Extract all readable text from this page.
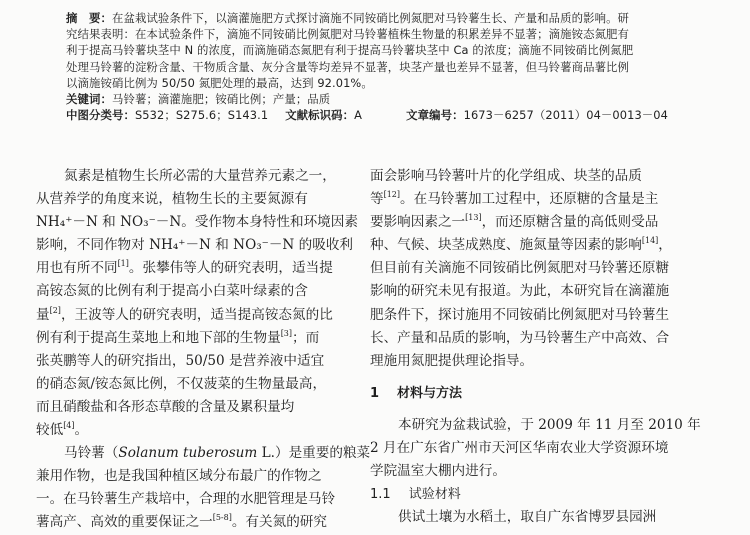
摘　要：在盆栽试验条件下，以滴灌施肥方式探讨滴施不同铵硝比例氮肥对马铃薯生长、产量和品质的影响。研
究结果表明：在本试验条件下，滴施不同铵硝比例氮肥对马铃薯植株生物量的积累差异不显著；滴施铵态氮肥有
利于提高马铃薯块茎中 N 的浓度，而滴施硝态氮肥有利于提高马铃薯块茎中 Ca 的浓度；滴施不同铵硝比例氮肥
处理马铃薯的淀粉含量、干物质含量、灰分含量等均差异不显著，块茎产量也差异不显著，但马铃薯商品薯比例
以滴施铵硝比例为 50/50 氮肥处理的最高，达到 92.01%。
关键词：马铃薯；滴灌施肥；铵硝比例；产量；品质
中图分类号：S532；S275.6；S143.1	文献标识码：A	文章编号：1673－6257（2011）04－0013－04
氮素是植物生长所必需的大量营养元素之一，
从营养学的角度来说，植物生长的主要氮源有
NH₄⁺－N 和 NO₃⁻－N。受作物本身特性和环境因素
影响，不同作物对 NH₄⁺－N 和 NO₃⁻－N 的吸收利
用也有所不同[1]。张攀伟等人的研究表明，适当提
高铵态氮的比例有利于提高小白菜叶绿素的含
量[2]，王波等人的研究表明，适当提高铵态氮的比
例有利于提高生菜地上和地下部的生物量[3]；而
张英鹏等人的研究指出，50/50 是营养液中适宜
的硝态氮/铵态氮比例，不仅菠菜的生物量最高，
而且硝酸盐和各形态草酸的含量及累积量均
较低[4]。
马铃薯（Solanum tuberosum L.）是重要的粮菜
兼用作物，也是我国种植区域分布最广的作物之
一。在马铃薯生产栽培中，合理的水肥管理是马铃
薯高产、高效的重要保证之一[5-8]。有关氮的研究
面会影响马铃薯叶片的化学组成、块茎的品质
等[12]。在马铃薯加工过程中，还原糖的含量是主
要影响因素之一[13]，而还原糖含量的高低则受品
种、气候、块茎成熟度、施氮量等因素的影响[14]，
但目前有关滴施不同铵硝比例氮肥对马铃薯还原糖
影响的研究未见有报道。为此，本研究旨在滴灌施
肥条件下，探讨施用不同铵硝比例氮肥对马铃薯生
长、产量和品质的影响，为马铃薯生产中高效、合
理施用氮肥提供理论指导。
1 材料与方法
本研究为盆栽试验，于 2009 年 11 月至 2010 年
2 月在广东省广州市天河区华南农业大学资源环境
学院温室大棚内进行。
1.1 试验材料
供试土壤为水稻土，取自广东省博罗县园洲
